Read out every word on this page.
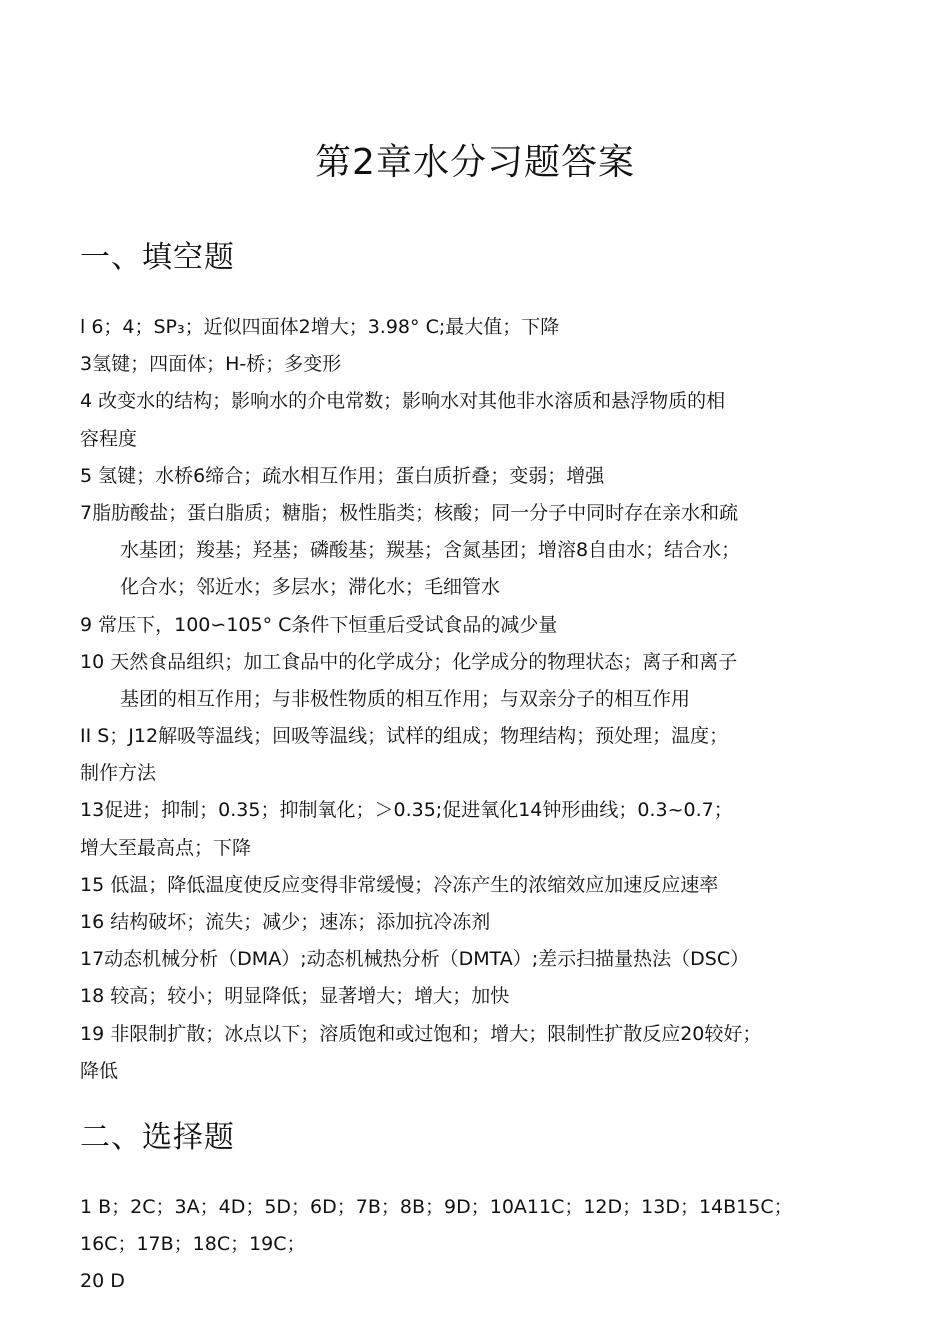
第2章水分习题答案
一、填空题
l 6；4；SP₃；近似四面体2增大；3.98° C;最大值；下降
3氢键；四面体；H-桥；多变形
4 改变水的结构；影响水的介电常数；影响水对其他非水溶质和悬浮物质的相
容程度
5 氢键；水桥6缔合；疏水相互作用；蛋白质折叠；变弱；增强
7脂肪酸盐；蛋白脂质；糖脂；极性脂类；核酸；同一分子中同时存在亲水和疏
水基团；羧基；羟基；磷酸基；羰基；含氮基团；增溶8自由水；结合水；
化合水；邻近水；多层水；滞化水；毛细管水
9 常压下，100∽105° C条件下恒重后受试食品的减少量
10 天然食品组织；加工食品中的化学成分；化学成分的物理状态；离子和离子
基团的相互作用；与非极性物质的相互作用；与双亲分子的相互作用
II S；J12解吸等温线；回吸等温线；试样的组成；物理结构；预处理；温度；
制作方法
13促进；抑制；0.35；抑制氧化；＞0.35;促进氧化14钟形曲线；0.3~0.7；
增大至最高点；下降
15 低温；降低温度使反应变得非常缓慢；冷冻产生的浓缩效应加速反应速率
16 结构破坏；流失；减少；速冻；添加抗冷冻剂
17动态机械分析（DMA）;动态机械热分析（DMTA）;差示扫描量热法（DSC）
18 较高；较小；明显降低；显著增大；增大；加快
19 非限制扩散；冰点以下；溶质饱和或过饱和；增大；限制性扩散反应20较好；
降低
二、选择题
1 B；2C；3A；4D；5D；6D；7B；8B；9D；10A11C；12D；13D；14B15C；
16C；17B；18C；19C；
20 D
